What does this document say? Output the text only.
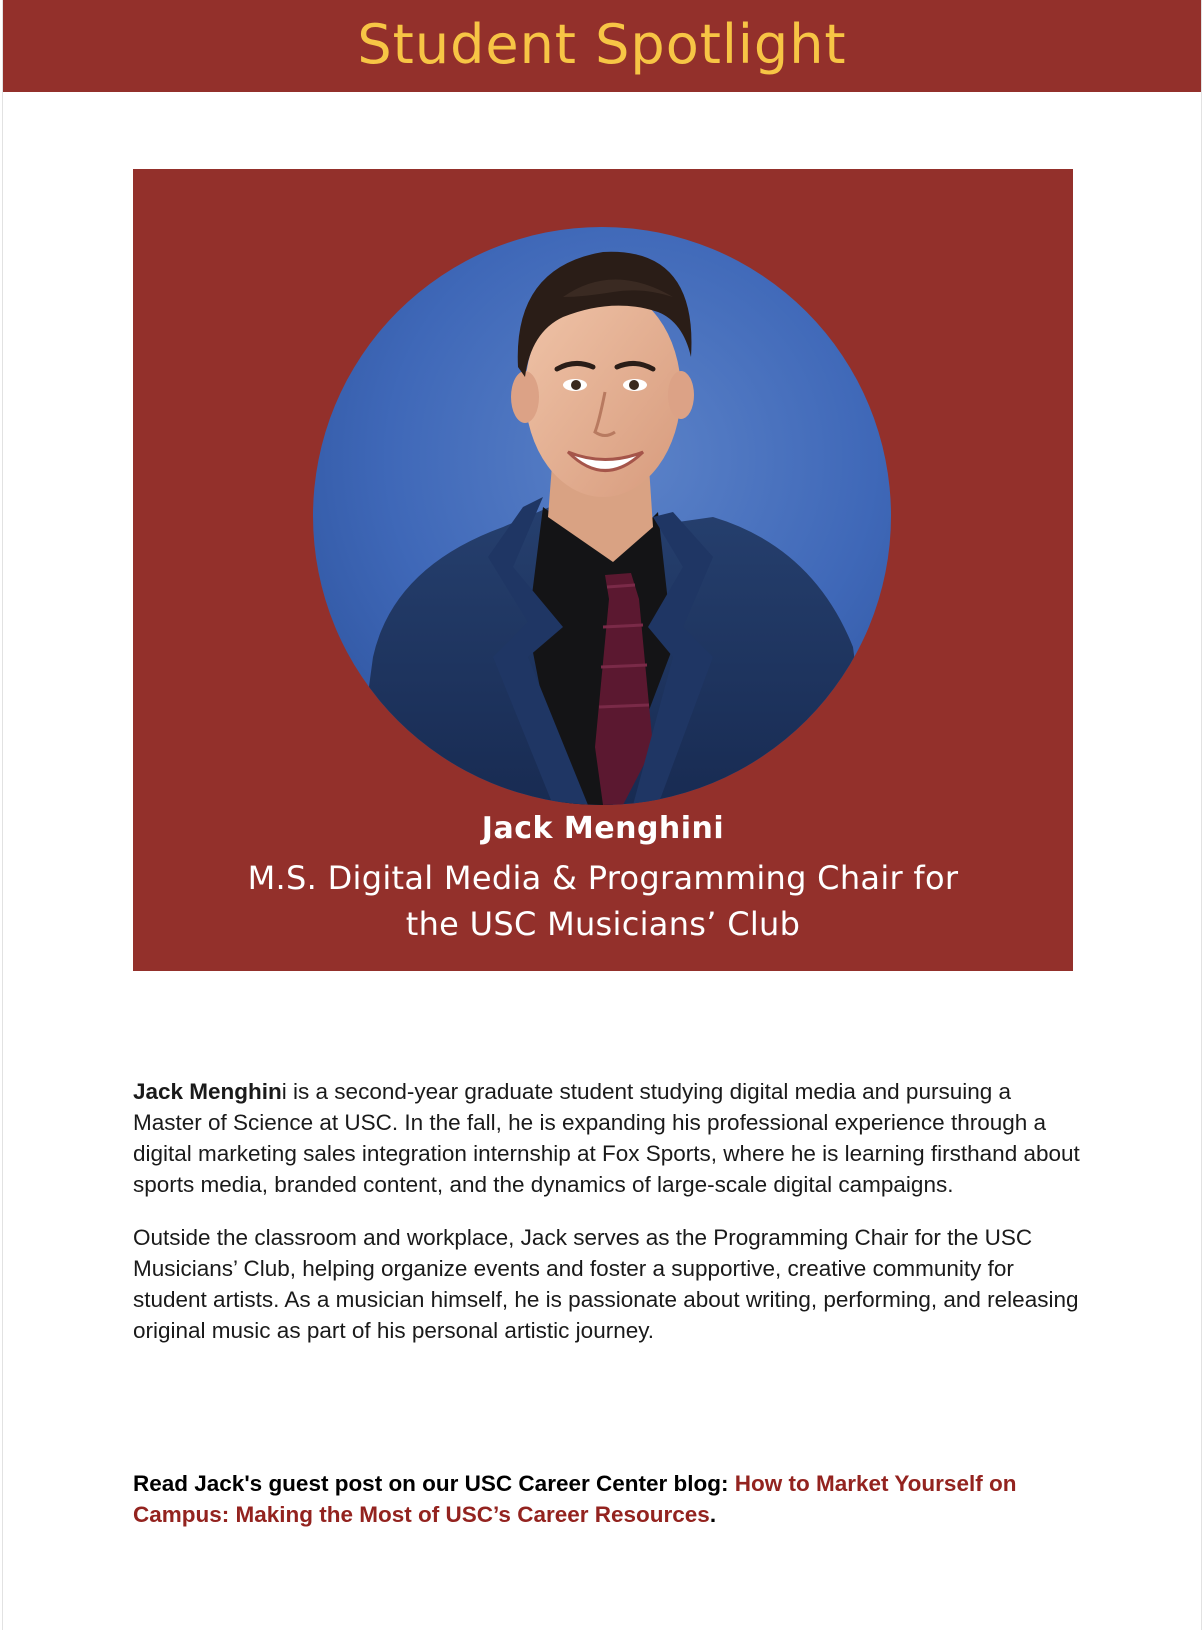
Student Spotlight
Jack Menghini
M.S. Digital Media & Programming Chair for
the USC Musicians’ Club

Jack Menghini is a second-year graduate student studying digital media and pursuing a Master of Science at USC. In the fall, he is expanding his professional experience through a digital marketing sales integration internship at Fox Sports, where he is learning firsthand about sports media, branded content, and the dynamics of large-scale digital campaigns.

Outside the classroom and workplace, Jack serves as the Programming Chair for the USC Musicians’ Club, helping organize events and foster a supportive, creative community for student artists. As a musician himself, he is passionate about writing, performing, and releasing original music as part of his personal artistic journey.

Read Jack's guest post on our USC Career Center blog: How to Market Yourself on Campus: Making the Most of USC’s Career Resources.
